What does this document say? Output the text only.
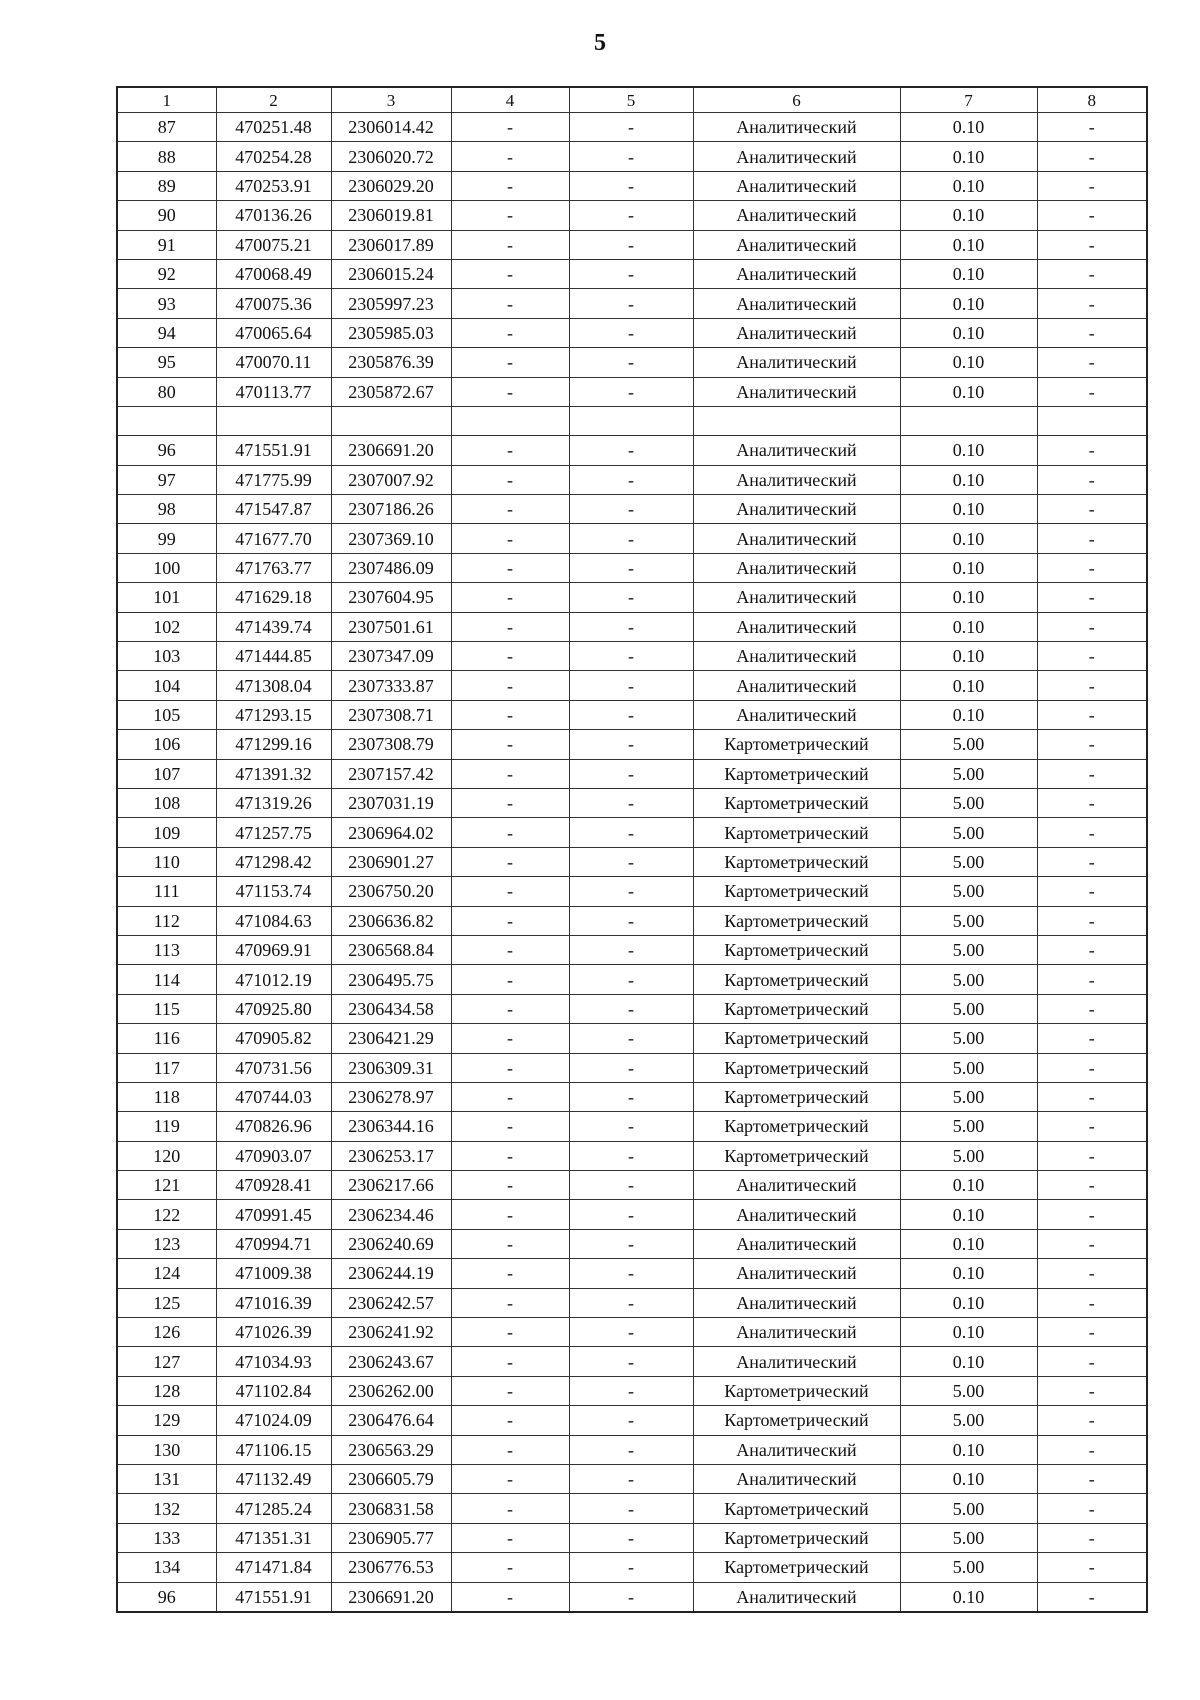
5
1	2	3	4	5	6	7	8
87	470251.48	2306014.42	-	-	Аналитический	0.10	-
88	470254.28	2306020.72	-	-	Аналитический	0.10	-
89	470253.91	2306029.20	-	-	Аналитический	0.10	-
90	470136.26	2306019.81	-	-	Аналитический	0.10	-
91	470075.21	2306017.89	-	-	Аналитический	0.10	-
92	470068.49	2306015.24	-	-	Аналитический	0.10	-
93	470075.36	2305997.23	-	-	Аналитический	0.10	-
94	470065.64	2305985.03	-	-	Аналитический	0.10	-
95	470070.11	2305876.39	-	-	Аналитический	0.10	-
80	470113.77	2305872.67	-	-	Аналитический	0.10	-

96	471551.91	2306691.20	-	-	Аналитический	0.10	-
97	471775.99	2307007.92	-	-	Аналитический	0.10	-
98	471547.87	2307186.26	-	-	Аналитический	0.10	-
99	471677.70	2307369.10	-	-	Аналитический	0.10	-
100	471763.77	2307486.09	-	-	Аналитический	0.10	-
101	471629.18	2307604.95	-	-	Аналитический	0.10	-
102	471439.74	2307501.61	-	-	Аналитический	0.10	-
103	471444.85	2307347.09	-	-	Аналитический	0.10	-
104	471308.04	2307333.87	-	-	Аналитический	0.10	-
105	471293.15	2307308.71	-	-	Аналитический	0.10	-
106	471299.16	2307308.79	-	-	Картометрический	5.00	-
107	471391.32	2307157.42	-	-	Картометрический	5.00	-
108	471319.26	2307031.19	-	-	Картометрический	5.00	-
109	471257.75	2306964.02	-	-	Картометрический	5.00	-
110	471298.42	2306901.27	-	-	Картометрический	5.00	-
111	471153.74	2306750.20	-	-	Картометрический	5.00	-
112	471084.63	2306636.82	-	-	Картометрический	5.00	-
113	470969.91	2306568.84	-	-	Картометрический	5.00	-
114	471012.19	2306495.75	-	-	Картометрический	5.00	-
115	470925.80	2306434.58	-	-	Картометрический	5.00	-
116	470905.82	2306421.29	-	-	Картометрический	5.00	-
117	470731.56	2306309.31	-	-	Картометрический	5.00	-
118	470744.03	2306278.97	-	-	Картометрический	5.00	-
119	470826.96	2306344.16	-	-	Картометрический	5.00	-
120	470903.07	2306253.17	-	-	Картометрический	5.00	-
121	470928.41	2306217.66	-	-	Аналитический	0.10	-
122	470991.45	2306234.46	-	-	Аналитический	0.10	-
123	470994.71	2306240.69	-	-	Аналитический	0.10	-
124	471009.38	2306244.19	-	-	Аналитический	0.10	-
125	471016.39	2306242.57	-	-	Аналитический	0.10	-
126	471026.39	2306241.92	-	-	Аналитический	0.10	-
127	471034.93	2306243.67	-	-	Аналитический	0.10	-
128	471102.84	2306262.00	-	-	Картометрический	5.00	-
129	471024.09	2306476.64	-	-	Картометрический	5.00	-
130	471106.15	2306563.29	-	-	Аналитический	0.10	-
131	471132.49	2306605.79	-	-	Аналитический	0.10	-
132	471285.24	2306831.58	-	-	Картометрический	5.00	-
133	471351.31	2306905.77	-	-	Картометрический	5.00	-
134	471471.84	2306776.53	-	-	Картометрический	5.00	-
96	471551.91	2306691.20	-	-	Аналитический	0.10	-
